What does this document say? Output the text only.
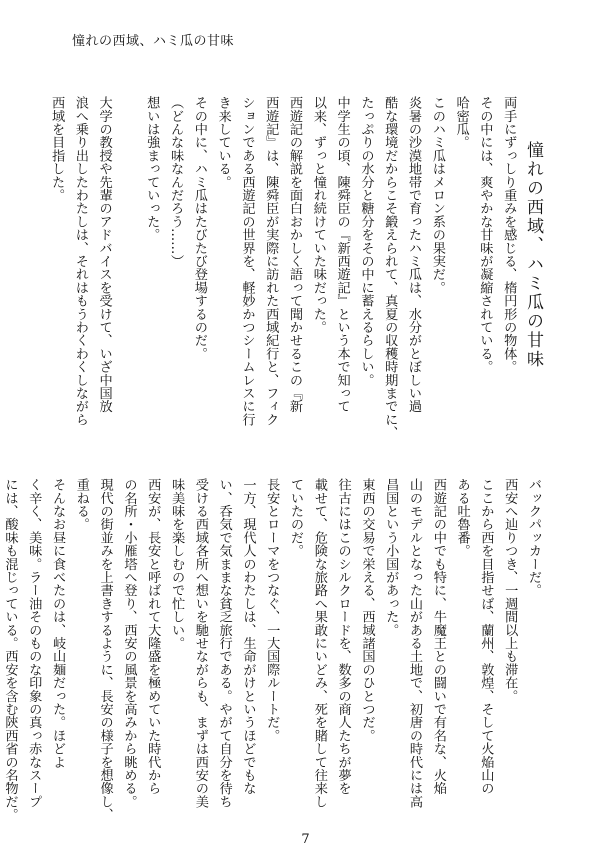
憧れの西域、ハミ瓜の甘味
憧れの西域、ハミ瓜の甘味
両手にずっしり重みを感じる、楕円形の物体。
その中には、爽やかな甘味が凝縮されている。
哈密瓜。
このハミ瓜はメロン系の果実だ。
炎暑の沙漠地帯で育ったハミ瓜は、水分がとぼしい過
酷な環境だからこそ鍛えられて、真夏の収穫時期までに、
たっぷりの水分と糖分をその中に蓄えるらしい。
中学生の頃、陳舜臣の『新西遊記』という本で知って
以来、ずっと憧れ続けていた味だった。
西遊記の解説を面白おかしく語って聞かせるこの『新
西遊記』は、陳舜臣が実際に訪れた西域紀行と、フィク
ションである西遊記の世界を、軽妙かつシームレスに行
き来している。
その中に、ハミ瓜はたびたび登場するのだ。
（どんな味なんだろう……）
想いは強まっていった。
大学の教授や先輩のアドバイスを受けて、いざ中国放
浪へ乗り出したわたしは、それはもうわくわくしながら
西域を目指した。
バックパッカーだ。
西安へ辿りつき、一週間以上も滞在。
ここから西を目指せば、蘭州、敦煌、そして火焔山の
ある吐魯番。
西遊記の中でも特に、牛魔王との闘いで有名な、火焔
山のモデルとなった山がある土地で、初唐の時代には高
昌国という小国があった。
東西の交易で栄える、西域諸国のひとつだ。
往古にはこのシルクロードを、数多の商人たちが夢を
載せて、危険な旅路へ果敢にいどみ、死を賭して往来し
ていたのだ。
長安とローマをつなぐ、一大国際ルートだ。
一方、現代人のわたしは、生命がけというほどでもな
い、呑気で気ままな貧乏旅行である。やがて自分を待ち
受ける西域各所へ想いを馳せながらも、まずは西安の美
味美味を楽しむので忙しい。
西安が、長安と呼ばれて大隆盛を極めていた時代から
の名所・小雁塔へ登り、西安の風景を高みから眺める。
現代の街並みを上書きするように、長安の様子を想像し、
重ねる。
そんなお昼に食べたのは、岐山麺だった。ほどよ
く辛く、美味。ラー油そのものな印象の真っ赤なスープ
には、酸味も混じっている。西安を含む陝西省の名物だ。
7
